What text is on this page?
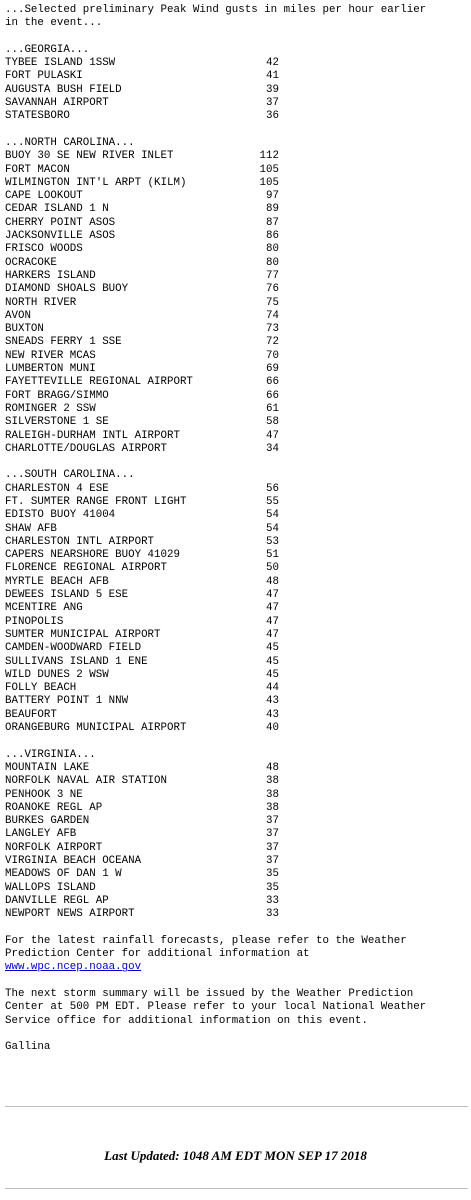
...Selected preliminary Peak Wind gusts in miles per hour earlier
in the event...
...GEORGIA...
TYBEE ISLAND 1SSW	42
FORT PULASKI	41
AUGUSTA BUSH FIELD	39
SAVANNAH AIRPORT	37
STATESBORO	36
...NORTH CAROLINA...
BUOY 30 SE NEW RIVER INLET	112
FORT MACON	105
WILMINGTON INT'L ARPT (KILM)	105
CAPE LOOKOUT	97
CEDAR ISLAND 1 N	89
CHERRY POINT ASOS	87
JACKSONVILLE ASOS	86
FRISCO WOODS	80
OCRACOKE	80
HARKERS ISLAND	77
DIAMOND SHOALS BUOY	76
NORTH RIVER	75
AVON	74
BUXTON	73
SNEADS FERRY 1 SSE	72
NEW RIVER MCAS	70
LUMBERTON MUNI	69
FAYETTEVILLE REGIONAL AIRPORT	66
FORT BRAGG/SIMMO	66
ROMINGER 2 SSW	61
SILVERSTONE 1 SE	58
RALEIGH-DURHAM INTL AIRPORT	47
CHARLOTTE/DOUGLAS AIRPORT	34
...SOUTH CAROLINA...
CHARLESTON 4 ESE	56
FT. SUMTER RANGE FRONT LIGHT	55
EDISTO BUOY 41004	54
SHAW AFB	54
CHARLESTON INTL AIRPORT	53
CAPERS NEARSHORE BUOY 41029	51
FLORENCE REGIONAL AIRPORT	50
MYRTLE BEACH AFB	48
DEWEES ISLAND 5 ESE	47
MCENTIRE ANG	47
PINOPOLIS	47
SUMTER MUNICIPAL AIRPORT	47
CAMDEN-WOODWARD FIELD	45
SULLIVANS ISLAND 1 ENE	45
WILD DUNES 2 WSW	45
FOLLY BEACH	44
BATTERY POINT 1 NNW	43
BEAUFORT	43
ORANGEBURG MUNICIPAL AIRPORT	40
...VIRGINIA...
MOUNTAIN LAKE	48
NORFOLK NAVAL AIR STATION	38
PENHOOK 3 NE	38
ROANOKE REGL AP	38
BURKES GARDEN	37
LANGLEY AFB	37
NORFOLK AIRPORT	37
VIRGINIA BEACH OCEANA	37
MEADOWS OF DAN 1 W	35
WALLOPS ISLAND	35
DANVILLE REGL AP	33
NEWPORT NEWS AIRPORT	33
For the latest rainfall forecasts, please refer to the Weather
Prediction Center for additional information at
www.wpc.ncep.noaa.gov
The next storm summary will be issued by the Weather Prediction
Center at 500 PM EDT. Please refer to your local National Weather
Service office for additional information on this event.
Gallina
Last Updated: 1048 AM EDT MON SEP 17 2018
